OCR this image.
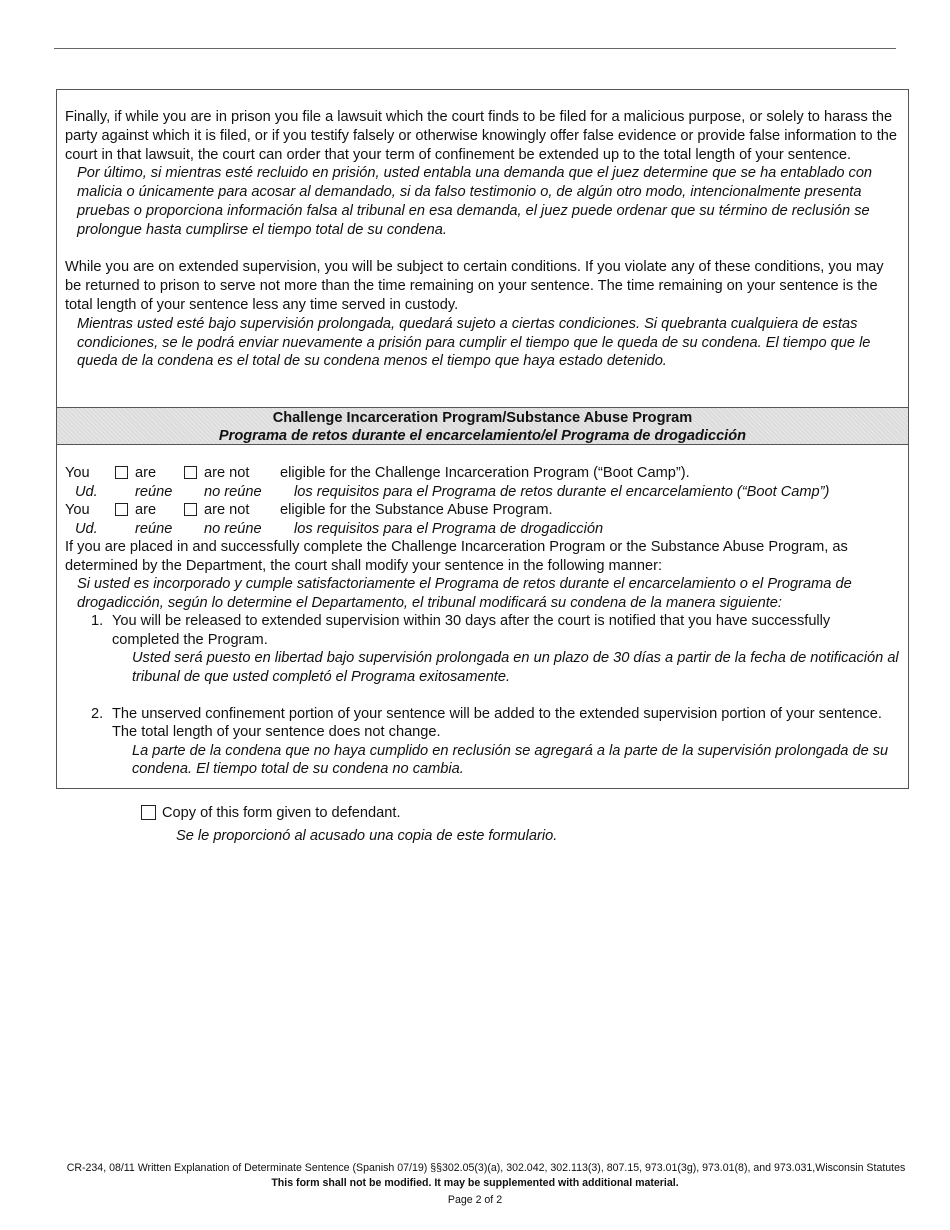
Finally, if while you are in prison you file a lawsuit which the court finds to be filed for a malicious purpose, or solely to harass the party against which it is filed, or if you testify falsely or otherwise knowingly offer false evidence or provide false information to the court in that lawsuit, the court can order that your term of confinement be extended up to the total length of your sentence.

Por último, si mientras esté recluido en prisión, usted entabla una demanda que el juez determine que se ha entablado con malicia o únicamente para acosar al demandado, si da falso testimonio o, de algún otro modo, intencionalmente presenta pruebas o proporciona información falsa al tribunal en esa demanda, el juez puede ordenar que su término de reclusión se prolongue hasta cumplirse el tiempo total de su condena.

While you are on extended supervision, you will be subject to certain conditions. If you violate any of these conditions, you may be returned to prison to serve not more than the time remaining on your sentence. The time remaining on your sentence is the total length of your sentence less any time served in custody.

Mientras usted esté bajo supervisión prolongada, quedará sujeto a ciertas condiciones. Si quebranta cualquiera de estas condiciones, se le podrá enviar nuevamente a prisión para cumplir el tiempo que le queda de su condena. El tiempo que le queda de la condena es el total de su condena menos el tiempo que haya estado detenido.

Challenge Incarceration Program/Substance Abuse Program
Programa de retos durante el encarcelamiento/el Programa de drogadicción
You	are	are not eligible for the Challenge Incarceration Program (“Boot Camp”).
Ud.	reúne no reúne los requisitos para el Programa de retos durante el encarcelamiento (“Boot Camp”)
You	are	are not eligible for the Substance Abuse Program.
Ud.	reúne no reúne los requisitos para el Programa de drogadicción

If you are placed in and successfully complete the Challenge Incarceration Program or the Substance Abuse Program, as determined by the Department, the court shall modify your sentence in the following manner:

Si usted es incorporado y cumple satisfactoriamente el Programa de retos durante el encarcelamiento o el Programa de drogadicción, según lo determine el Departamento, el tribunal modificará su condena de la manera siguiente:

1. You will be released to extended supervision within 30 days after the court is notified that you have successfully completed the Program.

Usted será puesto en libertad bajo supervisión prolongada en un plazo de 30 días a partir de la fecha de notificación al tribunal de que usted completó el Programa exitosamente.

2. The unserved confinement portion of your sentence will be added to the extended supervision portion of your sentence. The total length of your sentence does not change.

La parte de la condena que no haya cumplido en reclusión se agregará a la parte de la supervisión prolongada de su condena. El tiempo total de su condena no cambia.

Copy of this form given to defendant.
Se le proporcionó al acusado una copia de este formulario.
CR-234, 08/11 Written Explanation of Determinate Sentence (Spanish 07/19) §§302.05(3)(a), 302.042, 302.113(3), 807.15, 973.01(3g), 973.01(8), and 973.031,Wisconsin Statutes
This form shall not be modified. It may be supplemented with additional material.
Page 2 of 2
